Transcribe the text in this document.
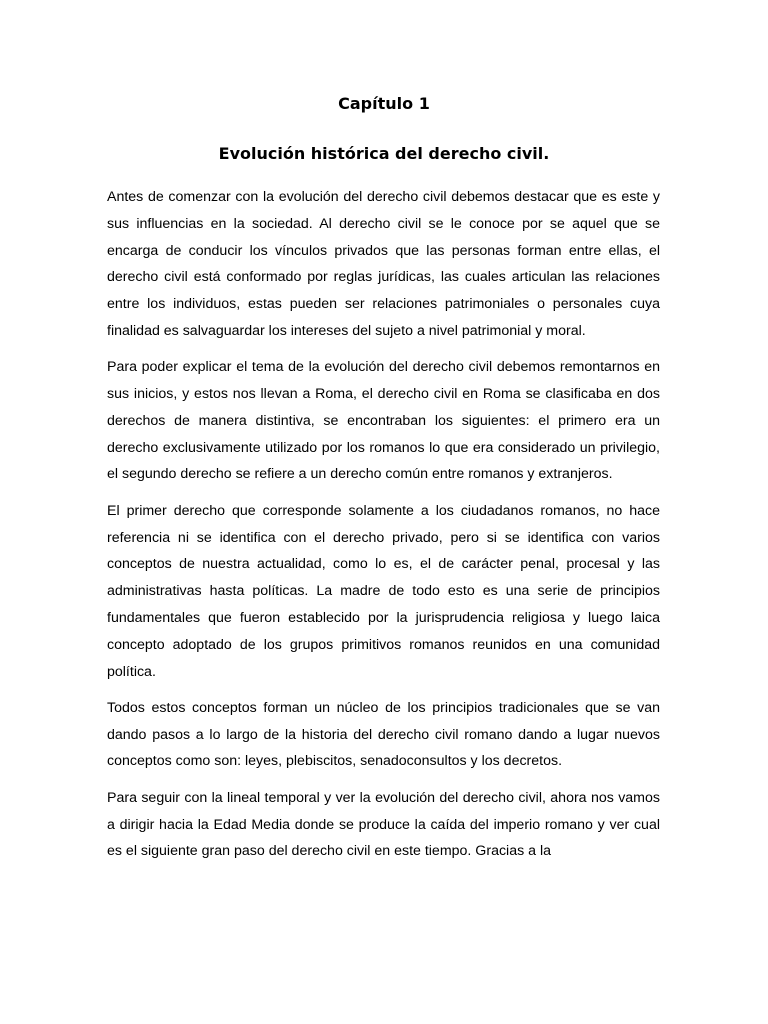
Capítulo 1
Evolución histórica del derecho civil.

Antes de comenzar con la evolución del derecho civil debemos destacar que es este y sus influencias en la sociedad. Al derecho civil se le conoce por se aquel que se encarga de conducir los vínculos privados que las personas forman entre ellas, el derecho civil está conformado por reglas jurídicas, las cuales articulan las relaciones entre los individuos, estas pueden ser relaciones patrimoniales o personales cuya finalidad es salvaguardar los intereses del sujeto a nivel patrimonial y moral.

Para poder explicar el tema de la evolución del derecho civil debemos remontarnos en sus inicios, y estos nos llevan a Roma, el derecho civil en Roma se clasificaba en dos derechos de manera distintiva, se encontraban los siguientes: el primero era un derecho exclusivamente utilizado por los romanos lo que era considerado un privilegio, el segundo derecho se refiere a un derecho común entre romanos y extranjeros.

El primer derecho que corresponde solamente a los ciudadanos romanos, no hace referencia ni se identifica con el derecho privado, pero si se identifica con varios conceptos de nuestra actualidad, como lo es, el de carácter penal, procesal y las administrativas hasta políticas. La madre de todo esto es una serie de principios fundamentales que fueron establecido por la jurisprudencia religiosa y luego laica concepto adoptado de los grupos primitivos romanos reunidos en una comunidad política.

Todos estos conceptos forman un núcleo de los principios tradicionales que se van dando pasos a lo largo de la historia del derecho civil romano dando a lugar nuevos conceptos como son: leyes, plebiscitos, senadoconsultos y los decretos.

Para seguir con la lineal temporal y ver la evolución del derecho civil, ahora nos vamos a dirigir hacia la Edad Media donde se produce la caída del imperio romano y ver cual es el siguiente gran paso del derecho civil en este tiempo. Gracias a la
